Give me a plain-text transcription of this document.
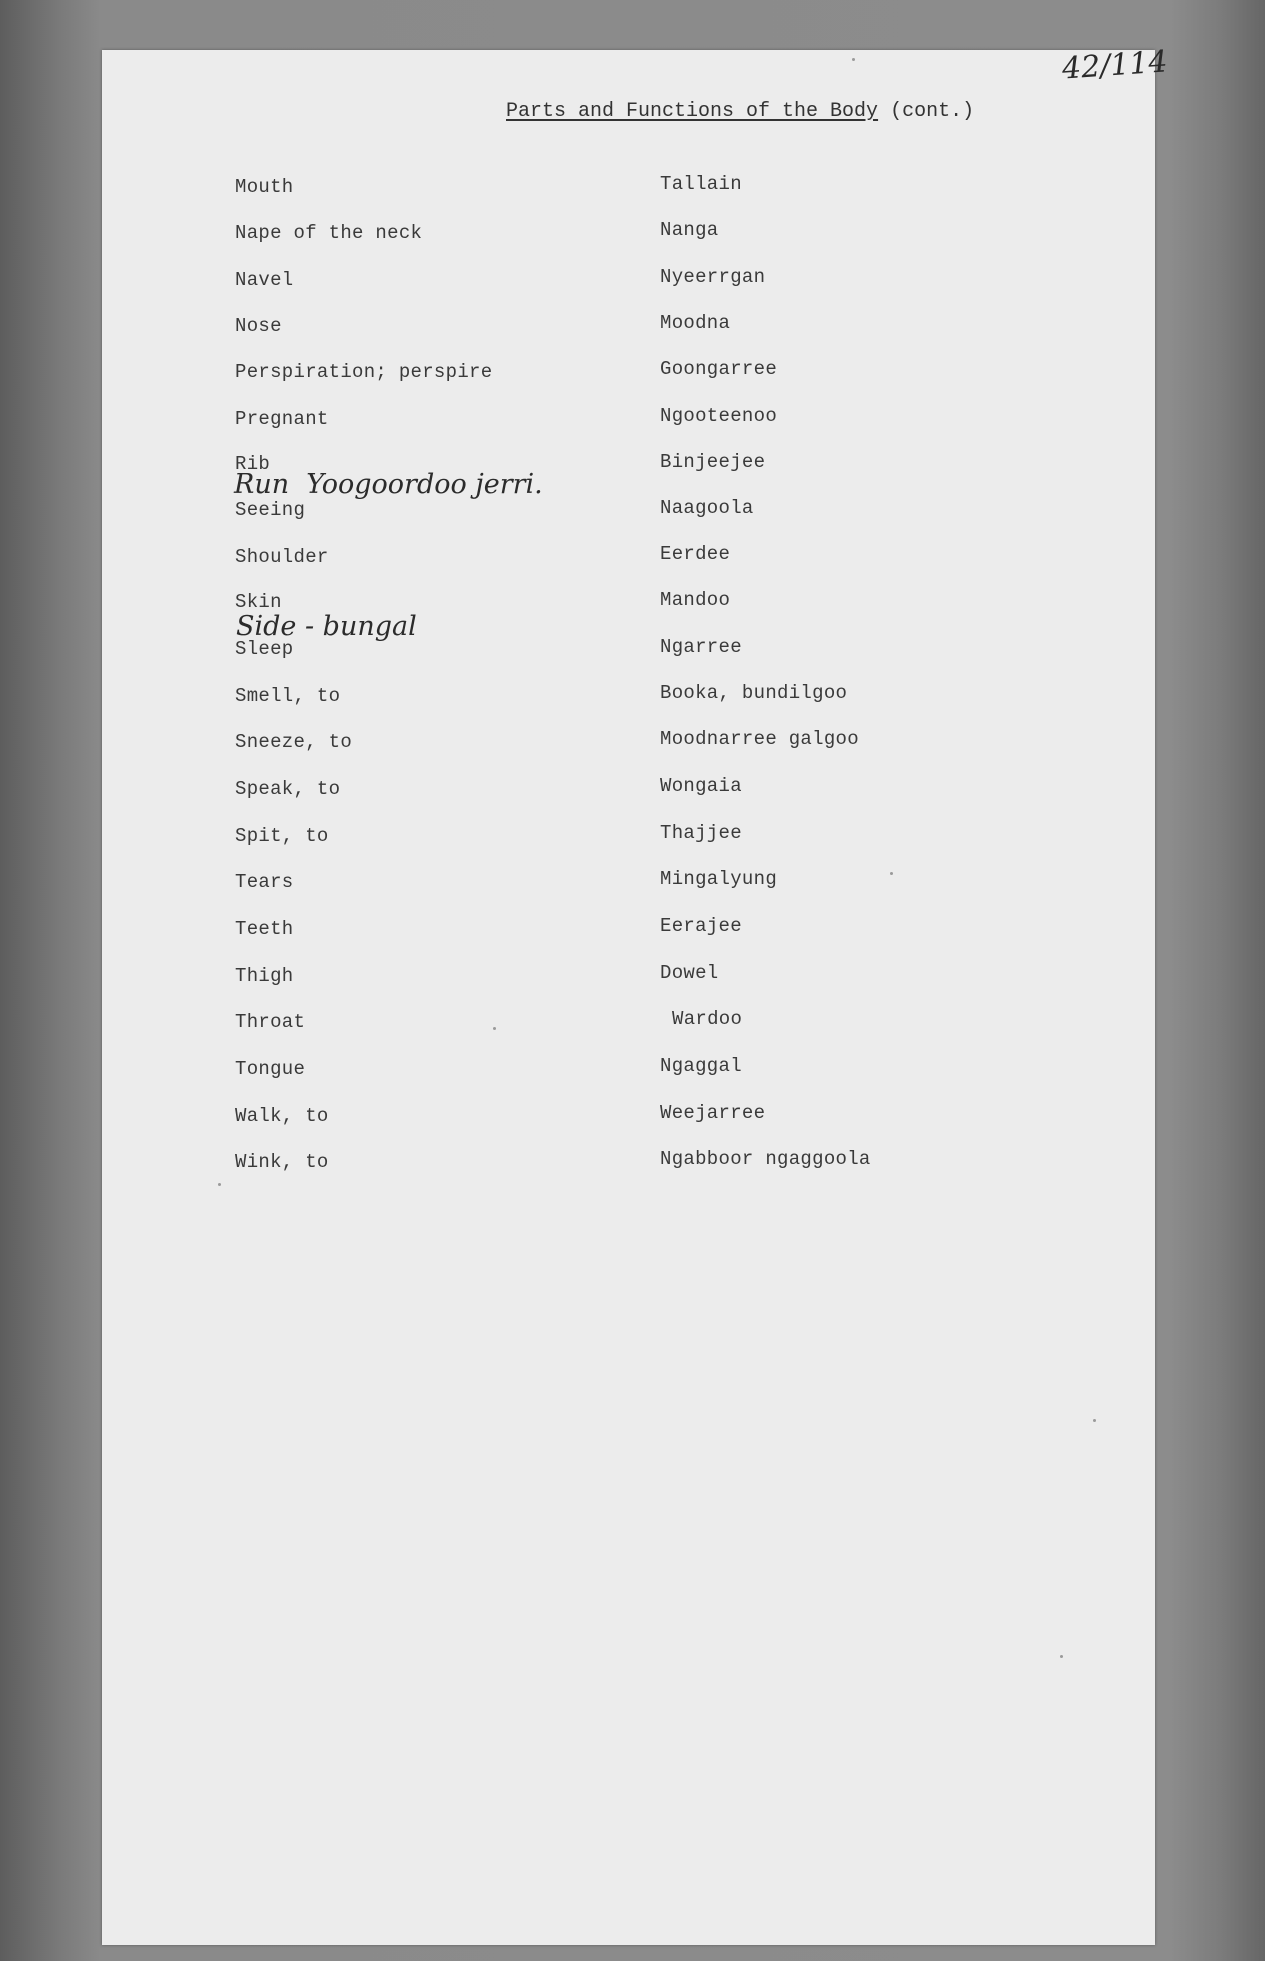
42/114
Parts and Functions of the Body (cont.)
Mouth	Tallain
Nape of the neck	Nanga
Navel	Nyeerrgan
Nose	Moodna
Perspiration; perspire	Goongarree
Pregnant	Ngooteenoo
Rib	Binjeejee
Run  Yoogoordoo jerri.
Seeing	Naagoola
Shoulder	Eerdee
Skin	Mandoo
Side - bungal
Sleep	Ngarree
Smell, to	Booka, bundilgoo
Sneeze, to	Moodnarree galgoo
Speak, to	Wongaia
Spit, to	Thajjee
Tears	Mingalyung
Teeth	Eerajee
Thigh	Dowel
Throat	Wardoo
Tongue	Ngaggal
Walk, to	Weejarree
Wink, to	Ngabboor ngaggoola
